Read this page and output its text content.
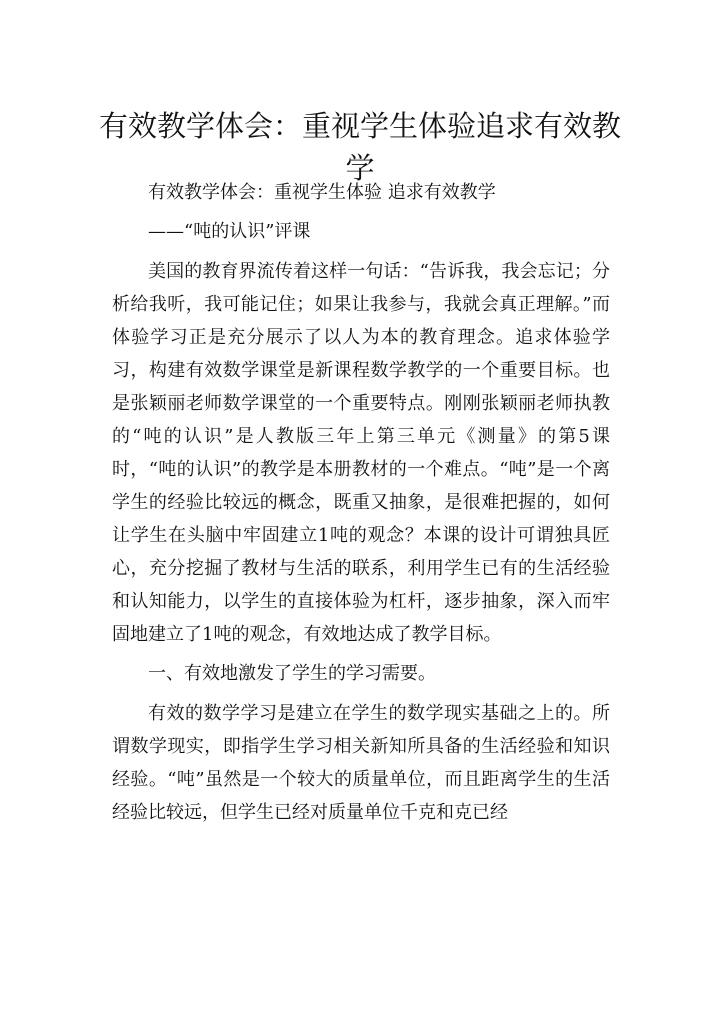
有效教学体会：重视学生体验追求有效教学

有效教学体会：重视学生体验 追求有效教学

——“吨的认识”评课

美国的教育界流传着这样一句话：“告诉我，我会忘记；分析给我听，我可能记住；如果让我参与，我就会真正理解。”而体验学习正是充分展示了以人为本的教育理念。追求体验学习，构建有效数学课堂是新课程数学教学的一个重要目标。也是张颖丽老师数学课堂的一个重要特点。刚刚张颖丽老师执教的“吨的认识”是人教版三年上第三单元《测量》的第5课时，“吨的认识”的教学是本册教材的一个难点。“吨”是一个离学生的经验比较远的概念，既重又抽象，是很难把握的，如何让学生在头脑中牢固建立1吨的观念？本课的设计可谓独具匠心，充分挖掘了教材与生活的联系，利用学生已有的生活经验和认知能力，以学生的直接体验为杠杆，逐步抽象，深入而牢固地建立了1吨的观念，有效地达成了教学目标。

一、有效地激发了学生的学习需要。

有效的数学学习是建立在学生的数学现实基础之上的。所谓数学现实，即指学生学习相关新知所具备的生活经验和知识经验。“吨”虽然是一个较大的质量单位，而且距离学生的生活经验比较远，但学生已经对质量单位千克和克已经
